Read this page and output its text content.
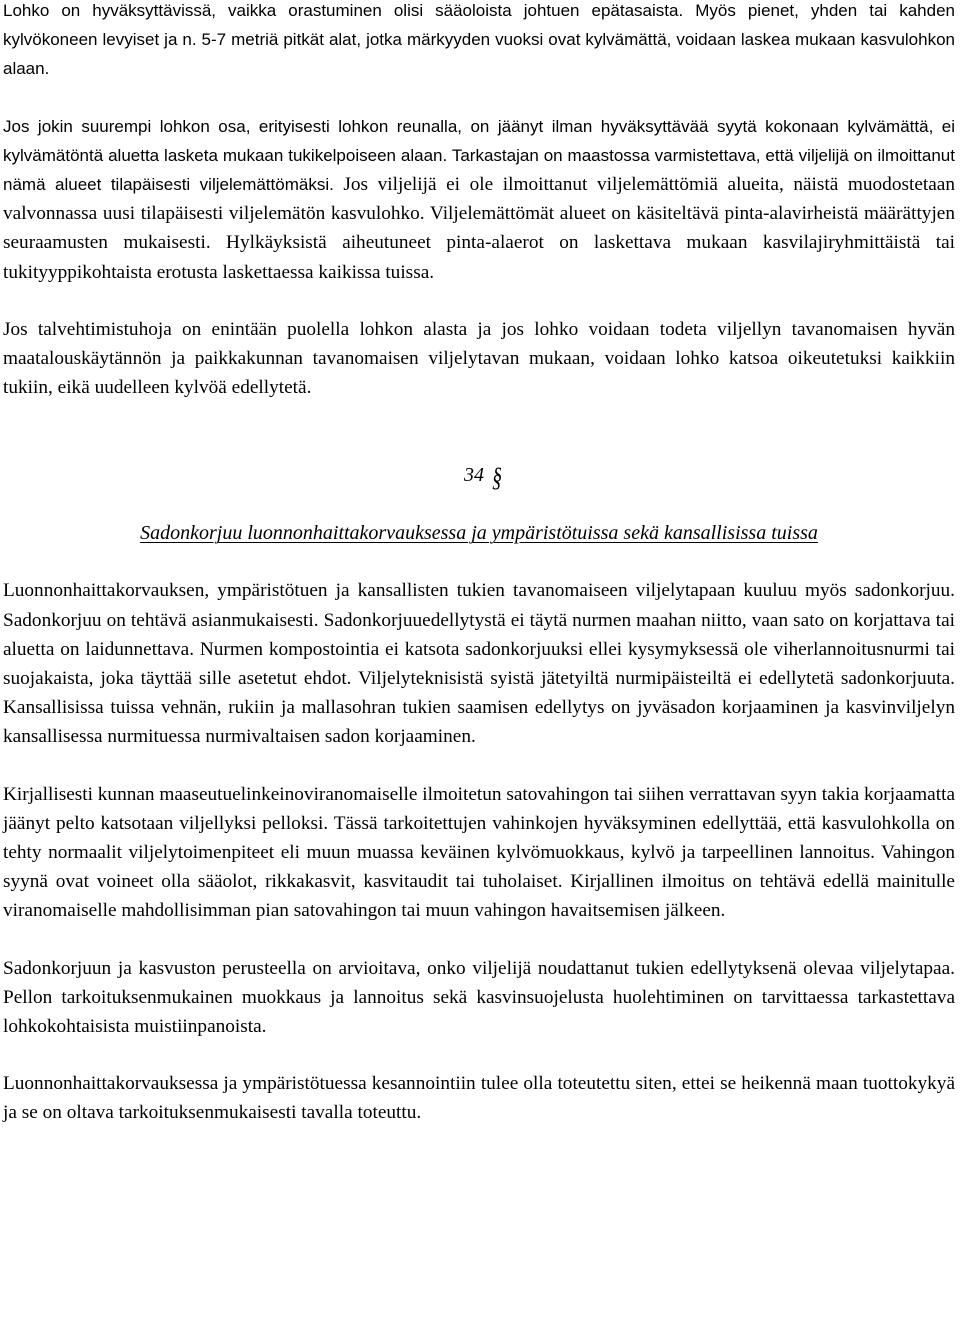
Lohko on hyväksyttävissä, vaikka orastuminen olisi sääoloista johtuen epätasaista. Myös pienet, yhden tai kahden kylvökoneen levyiset ja n. 5-7 metriä pitkät alat, jotka märkyyden vuoksi ovat kylvämättä, voidaan laskea mukaan kasvulohkon alaan.

Jos jokin suurempi lohkon osa, erityisesti lohkon reunalla, on jäänyt ilman hyväksyttävää syytä kokonaan kylvämättä, ei kylvämätöntä aluetta lasketa mukaan tukikelpoiseen alaan. Tarkastajan on maastossa varmistettava, että viljelijä on ilmoittanut nämä alueet tilapäisesti viljelemättömäksi. Jos viljelijä ei ole ilmoittanut viljelemättömiä alueita, näistä muodostetaan valvonnassa uusi tilapäisesti viljelemätön kasvulohko. Viljelemättömät alueet on käsiteltävä pinta-alavirheistä määrättyjen seuraamusten mukaisesti. Hylkäyksistä aiheutuneet pinta-alaerot on laskettava mukaan kasvilajiryhmittäistä tai tukityyppikohtaista erotusta laskettaessa kaikissa tuissa.

Jos talvehtimistuhoja on enintään puolella lohkon alasta ja jos lohko voidaan todeta viljellyn tavanomaisen hyvän maatalouskäytännön ja paikkakunnan tavanomaisen viljelytavan mukaan, voidaan lohko katsoa oikeutetuksi kaikkiin tukiin, eikä uudelleen kylvöä edellytetä.

34 §
Sadonkorjuu luonnonhaittakorvauksessa ja ympäristötuissa sekä kansallisissa tuissa

Luonnonhaittakorvauksen, ympäristötuen ja kansallisten tukien tavanomaiseen viljelytapaan kuuluu myös sadonkorjuu. Sadonkorjuu on tehtävä asianmukaisesti. Sadonkorjuuedellytystä ei täytä nurmen maahan niitto, vaan sato on korjattava tai aluetta on laidunnettava. Nurmen kompostointia ei katsota sadonkorjuuksi ellei kysymyksessä ole viherlannoitusnurmi tai suojakaista, joka täyttää sille asetetut ehdot. Viljelyteknisistä syistä jätetyiltä nurmipäisteiltä ei edellytetä sadonkorjuuta. Kansallisissa tuissa vehnän, rukiin ja mallasohran tukien saamisen edellytys on jyväsadon korjaaminen ja kasvinviljelyn kansallisessa nurmituessa nurmivaltaisen sadon korjaaminen.

Kirjallisesti kunnan maaseutuelinkeinoviranomaiselle ilmoitetun satovahingon tai siihen verrattavan syyn takia korjaamatta jäänyt pelto katsotaan viljellyksi pelloksi. Tässä tarkoitettujen vahinkojen hyväksyminen edellyttää, että kasvulohkolla on tehty normaalit viljelytoimenpiteet eli muun muassa keväinen kylvömuokkaus, kylvö ja tarpeellinen lannoitus. Vahingon syynä ovat voineet olla sääolot, rikkakasvit, kasvitaudit tai tuholaiset. Kirjallinen ilmoitus on tehtävä edellä mainitulle viranomaiselle mahdollisimman pian satovahingon tai muun vahingon havaitsemisen jälkeen.

Sadonkorjuun ja kasvuston perusteella on arvioitava, onko viljelijä noudattanut tukien edellytyksenä olevaa viljelytapaa. Pellon tarkoituksenmukainen muokkaus ja lannoitus sekä kasvinsuojelusta huolehtiminen on tarvittaessa tarkastettava lohkokohtaisista muistiinpanoista.

Luonnonhaittakorvauksessa ja ympäristötuessa kesannointiin tulee olla toteutettu siten, ettei se heikennä maan tuottokykyä ja se on oltava tarkoituksenmukaisesti tavalla toteuttu.
